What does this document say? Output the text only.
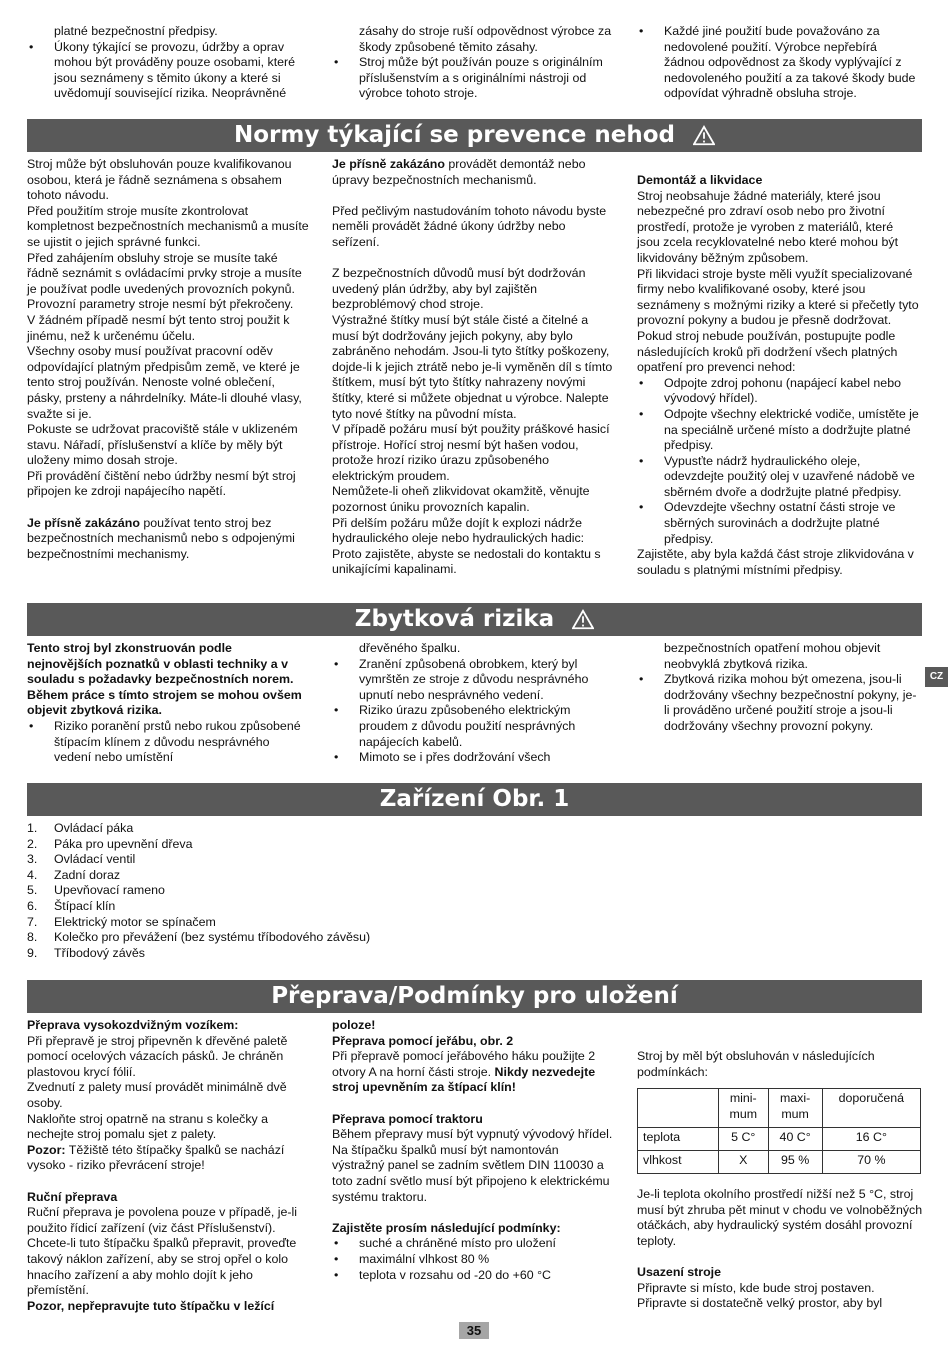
platné bezpečnostní předpisy.

• Úkony týkající se provozu, údržby a oprav mohou být prováděny pouze osobami, které jsou seznámeny s těmito úkony a které si uvědomují související rizika. Neoprávněné

zásahy do stroje ruší odpovědnost výrobce za škody způsobené těmito zásahy.

• Stroj může být používán pouze s originálním příslušenstvím a s originálními nástroji od výrobce tohoto stroje.
• Každé jiné použití bude považováno za nedovolené použití. Výrobce nepřebírá žádnou odpovědnost za škody vyplývající z nedovoleného použití a za takové škody bude odpovídat výhradně obsluha stroje.
Normy týkající se prevence nehod

Stroj může být obsluhován pouze kvalifikovanou osobou, která je řádně seznámena s obsahem tohoto návodu.

Před použitím stroje musíte zkontrolovat kompletnost bezpečnostních mechanismů a musíte se ujistit o jejich správné funkci.

Před zahájením obsluhy stroje se musíte také řádně seznámit s ovládacími prvky stroje a musíte je používat podle uvedených provozních pokynů.

Provozní parametry stroje nesmí být překročeny.

V žádném případě nesmí být tento stroj použit k jinému, než k určenému účelu.

Všechny osoby musí používat pracovní oděv odpovídající platným předpisům země, ve které je tento stroj používán. Nenoste volné oblečení, pásky, prsteny a náhrdelníky. Máte-li dlouhé vlasy, svažte si je.

Pokuste se udržovat pracoviště stále v uklizeném stavu. Nářadí, příslušenství a klíče by měly být uloženy mimo dosah stroje.

Při provádění čištění nebo údržby nesmí být stroj připojen ke zdroji napájecího napětí.

Je přísně zakázáno používat tento stroj bez bezpečnostních mechanismů nebo s odpojenými bezpečnostními mechanismy.

Je přísně zakázáno provádět demontáž nebo úpravy bezpečnostních mechanismů.

Před pečlivým nastudováním tohoto návodu byste neměli provádět žádné úkony údržby nebo seřízení.

Z bezpečnostních důvodů musí být dodržován uvedený plán údržby, aby byl zajištěn bezproblémový chod stroje.

Výstražné štítky musí být stále čisté a čitelné a musí být dodržovány jejich pokyny, aby bylo zabráněno nehodám. Jsou-li tyto štítky poškozeny, dojde-li k jejich ztrátě nebo je-li vyměněn díl s tímto štítkem, musí být tyto štítky nahrazeny novými štítky, které si můžete objednat u výrobce. Nalepte tyto nové štítky na původní místa.

V případě požáru musí být použity práškové hasicí přístroje. Hořící stroj nesmí být hašen vodou, protože hrozí riziko úrazu způsobeného elektrickým proudem.

Nemůžete-li oheň zlikvidovat okamžitě, věnujte pozornost úniku provozních kapalin.

Při delším požáru může dojít k explozi nádrže hydraulického oleje nebo hydraulických hadic: Proto zajistěte, abyste se nedostali do kontaktu s unikajícími kapalinami.

Demontáž a likvidace

Stroj neobsahuje žádné materiály, které jsou nebezpečné pro zdraví osob nebo pro životní prostředí, protože je vyroben z materiálů, které jsou zcela recyklovatelné nebo které mohou být likvidovány běžným způsobem.

Při likvidaci stroje byste měli využít specializované firmy nebo kvalifikované osoby, které jsou seznámeny s možnými riziky a které si přečetly tyto provozní pokyny a budou je přesně dodržovat.

Pokud stroj nebude používán, postupujte podle následujících kroků při dodržení všech platných opatření pro prevenci nehod:

• Odpojte zdroj pohonu (napájecí kabel nebo vývodový hřídel).
• Odpojte všechny elektrické vodiče, umístěte je na speciálně určené místo a dodržujte platné předpisy.
• Vypusťte nádrž hydraulického oleje, odevzdejte použitý olej v uzavřené nádobě ve sběrném dvoře a dodržujte platné předpisy.
• Odevzdejte všechny ostatní části stroje ve sběrných surovinách a dodržujte platné předpisy.

Zajistěte, aby byla každá část stroje zlikvidována v souladu s platnými místními předpisy.

Zbytková rizika

Tento stroj byl zkonstruován podle nejnovějších poznatků v oblasti techniky a v souladu s požadavky bezpečnostních norem. Během práce s tímto strojem se mohou ovšem objevit zbytková rizika.

• Riziko poranění prstů nebo rukou způsobené štípacím klínem z důvodu nesprávného vedení nebo umístění

dřevěného špalku.

• Zranění způsobená obrobkem, který byl vymrštěn ze stroje z důvodu nesprávného upnutí nebo nesprávného vedení.
• Riziko úrazu způsobeného elektrickým proudem z důvodu použití nesprávných napájecích kabelů.
• Mimoto se i přes dodržování všech

bezpečnostních opatření mohou objevit neobvyklá zbytková rizika.

• Zbytková rizika mohou být omezena, jsou-li dodržovány všechny bezpečnostní pokyny, je-li prováděno určené použití stroje a jsou-li dodržovány všechny provozní pokyny.
CZ
Zařízení Obr. 1
1. Ovládací páka
2. Páka pro upevnění dřeva
3. Ovládací ventil
4. Zadní doraz
5. Upevňovací rameno
6. Štípací klín
7. Elektrický motor se spínačem
8. Kolečko pro převážení (bez systému tříbodového závěsu)
9. Tříbodový závěs
Přeprava/Podmínky pro uložení

Přeprava vysokozdvižným vozíkem:

Při přepravě je stroj připevněn k dřevěné paletě pomocí ocelových vázacích pásků. Je chráněn plastovou krycí fólií.

Zvednutí z palety musí provádět minimálně dvě osoby.

Nakloňte stroj opatrně na stranu s kolečky a nechejte stroj pomalu sjet z palety.

Pozor: Těžiště této štípačky špalků se nachází vysoko - riziko převrácení stroje!

Ruční přeprava

Ruční přeprava je povolena pouze v případě, je-li použito řídicí zařízení (viz část Příslušenství). Chcete-li tuto štípačku špalků přepravit, proveďte takový náklon zařízení, aby se stroj opřel o kolo hnacího zařízení a aby mohlo dojít k jeho přemístění.

Pozor, nepřepravujte tuto štípačku v ležící

poloze!

Přeprava pomocí jeřábu, obr. 2

Při přepravě pomocí jeřábového háku použijte 2 otvory A na horní části stroje. Nikdy nezvedejte stroj upevněním za štípací klín!

Přeprava pomocí traktoru

Během přepravy musí být vypnutý vývodový hřídel.

Na štípačku špalků musí být namontován výstražný panel se zadním světlem DIN 110030 a toto zadní světlo musí být připojeno k elektrickému systému traktoru.

Zajistěte prosím následující podmínky:

• suché a chráněné místo pro uložení
• maximální vlhkost 80 %
• teplota v rozsahu od -20 do +60 °C

Stroj by měl být obsluhován v následujících podmínkách:

	mini-
mum	maxi-
mum	doporučená
teplota	5 C°	40 C°	16 C°
vlhkost	X	95 %	70 %

Je-li teplota okolního prostředí nižší než 5 °C, stroj musí být zhruba pět minut v chodu ve volnoběžných otáčkách, aby hydraulický systém dosáhl provozní teploty.

Usazení stroje

Připravte si místo, kde bude stroj postaven. Připravte si dostatečně velký prostor, aby byl

35
